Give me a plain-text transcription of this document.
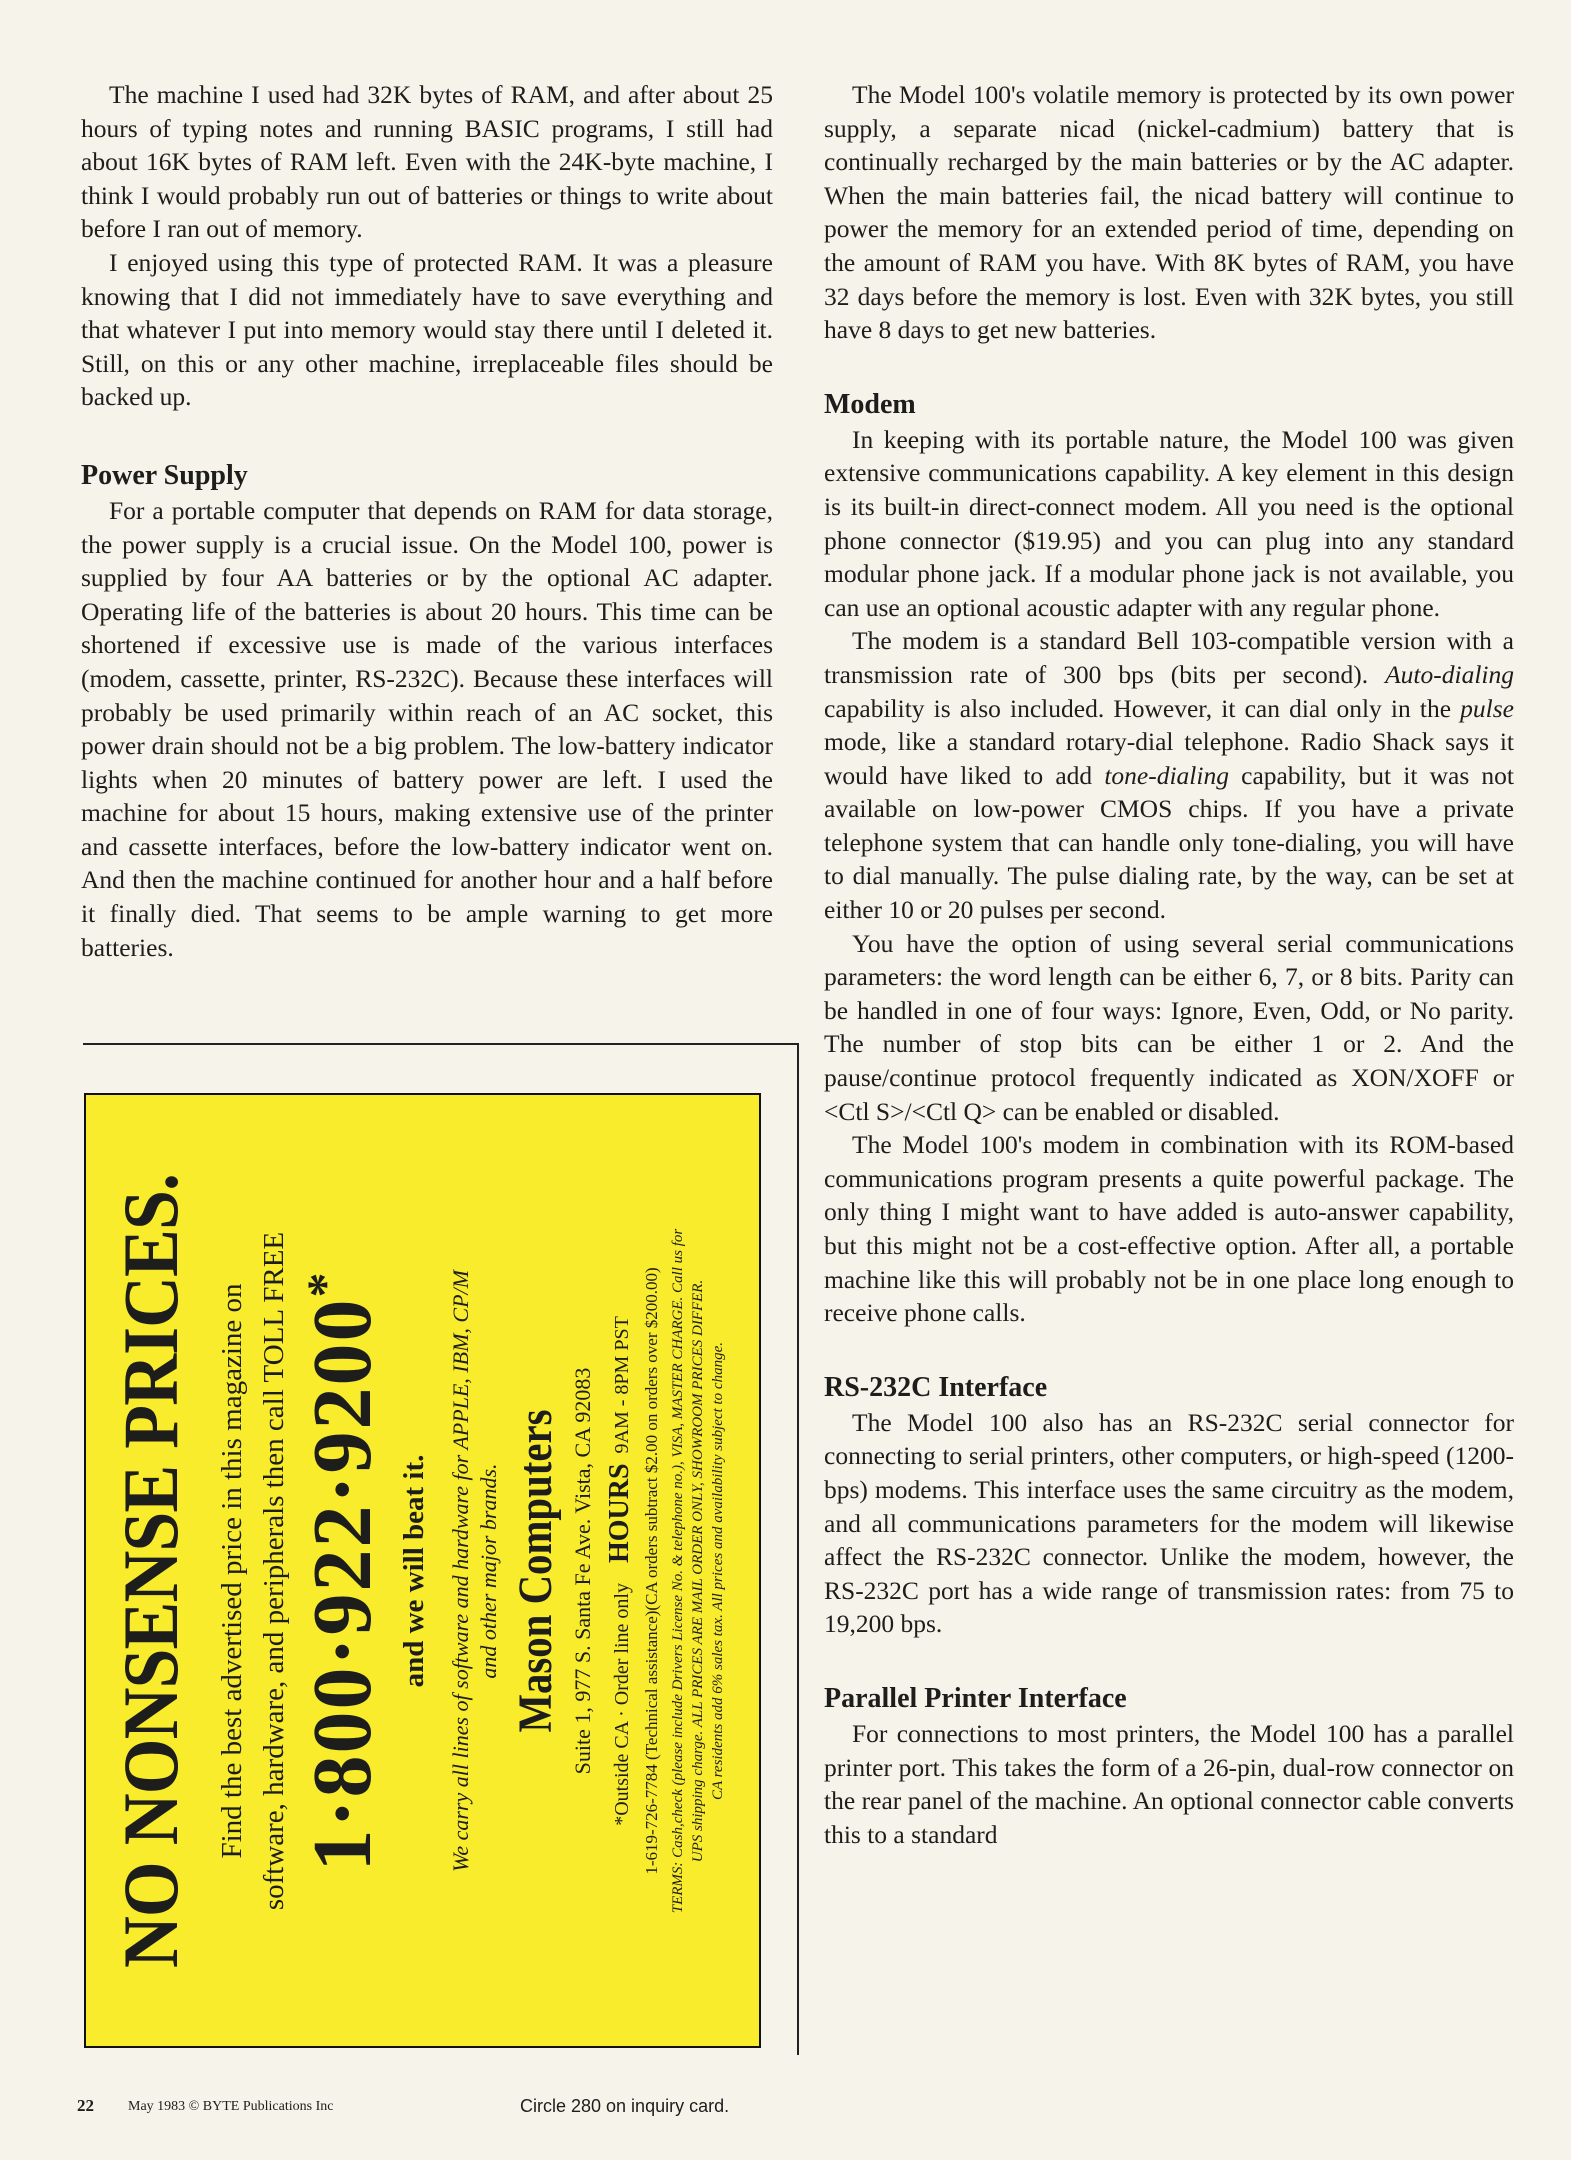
The machine I used had 32K bytes of RAM, and after about 25 hours of typing notes and running BASIC programs, I still had about 16K bytes of RAM left. Even with the 24K-byte machine, I think I would probably run out of batteries or things to write about before I ran out of memory.

I enjoyed using this type of protected RAM. It was a pleasure knowing that I did not immediately have to save everything and that whatever I put into memory would stay there until I deleted it. Still, on this or any other machine, irreplaceable files should be backed up.

Power Supply

For a portable computer that depends on RAM for data storage, the power supply is a crucial issue. On the Model 100, power is supplied by four AA batteries or by the optional AC adapter. Operating life of the batteries is about 20 hours. This time can be shortened if excessive use is made of the various interfaces (modem, cassette, printer, RS-232C). Because these interfaces will probably be used primarily within reach of an AC socket, this power drain should not be a big problem. The low-battery indicator lights when 20 minutes of battery power are left. I used the machine for about 15 hours, making extensive use of the printer and cassette interfaces, before the low-battery indicator went on. And then the machine continued for another hour and a half before it finally died. That seems to be ample warning to get more batteries.

The Model 100's volatile memory is protected by its own power supply, a separate nicad (nickel-cadmium) battery that is continually recharged by the main batteries or by the AC adapter. When the main batteries fail, the nicad battery will continue to power the memory for an extended period of time, depending on the amount of RAM you have. With 8K bytes of RAM, you have 32 days before the memory is lost. Even with 32K bytes, you still have 8 days to get new batteries.

Modem

In keeping with its portable nature, the Model 100 was given extensive communications capability. A key element in this design is its built-in direct-connect modem. All you need is the optional phone connector ($19.95) and you can plug into any standard modular phone jack. If a modular phone jack is not available, you can use an optional acoustic adapter with any regular phone.

The modem is a standard Bell 103-compatible version with a transmission rate of 300 bps (bits per second). Auto-dialing capability is also included. However, it can dial only in the pulse mode, like a standard rotary-dial telephone. Radio Shack says it would have liked to add tone-dialing capability, but it was not available on low-power CMOS chips. If you have a private telephone system that can handle only tone-dialing, you will have to dial manually. The pulse dialing rate, by the way, can be set at either 10 or 20 pulses per second.

You have the option of using several serial communications parameters: the word length can be either 6, 7, or 8 bits. Parity can be handled in one of four ways: Ignore, Even, Odd, or No parity. The number of stop bits can be either 1 or 2. And the pause/continue protocol frequently indicated as XON/XOFF or <Ctl S>/<Ctl Q> can be enabled or disabled.

The Model 100's modem in combination with its ROM-based communications program presents a quite powerful package. The only thing I might want to have added is auto-answer capability, but this might not be a cost-effective option. After all, a portable machine like this will probably not be in one place long enough to receive phone calls.

RS-232C Interface

The Model 100 also has an RS-232C serial connector for connecting to serial printers, other computers, or high-speed (1200-bps) modems. This interface uses the same circuitry as the modem, and all communications parameters for the modem will likewise affect the RS-232C connector. Unlike the modem, however, the RS-232C port has a wide range of transmission rates: from 75 to 19,200 bps.

Parallel Printer Interface

For connections to most printers, the Model 100 has a parallel printer port. This takes the form of a 26-pin, dual-row connector on the rear panel of the machine. An optional connector cable converts this to a standard

NO NONSENSE PRICES. Find the best advertised price in this magazine on software, hardware, and peripherals then call TOLL FREE 1·800·922·9200*
and we will beat it. We carry all lines of software and hardware for APPLE, IBM, CP/M and other major brands. Mason Computers Suite 1, 977 S. Santa Fe Ave. Vista, CA 92083 *Outside CA · Order line only    HOURS  9AM - 8PM PST 1-619-726-7784 (Technical assistance)(CA orders subtract $2.00 on orders over $200.00) TERMS: Cash,check (please include Drivers License No. & telephone no.), VISA, MASTER CHARGE. Call us for UPS shipping charge. ALL PRICES ARE MAIL ORDER ONLY, SHOWROOM PRICES DIFFER. CA residents add 6% sales tax. All prices and availability subject to change.
22 May 1983 © BYTE Publications Inc	Circle 280 on inquiry card.
